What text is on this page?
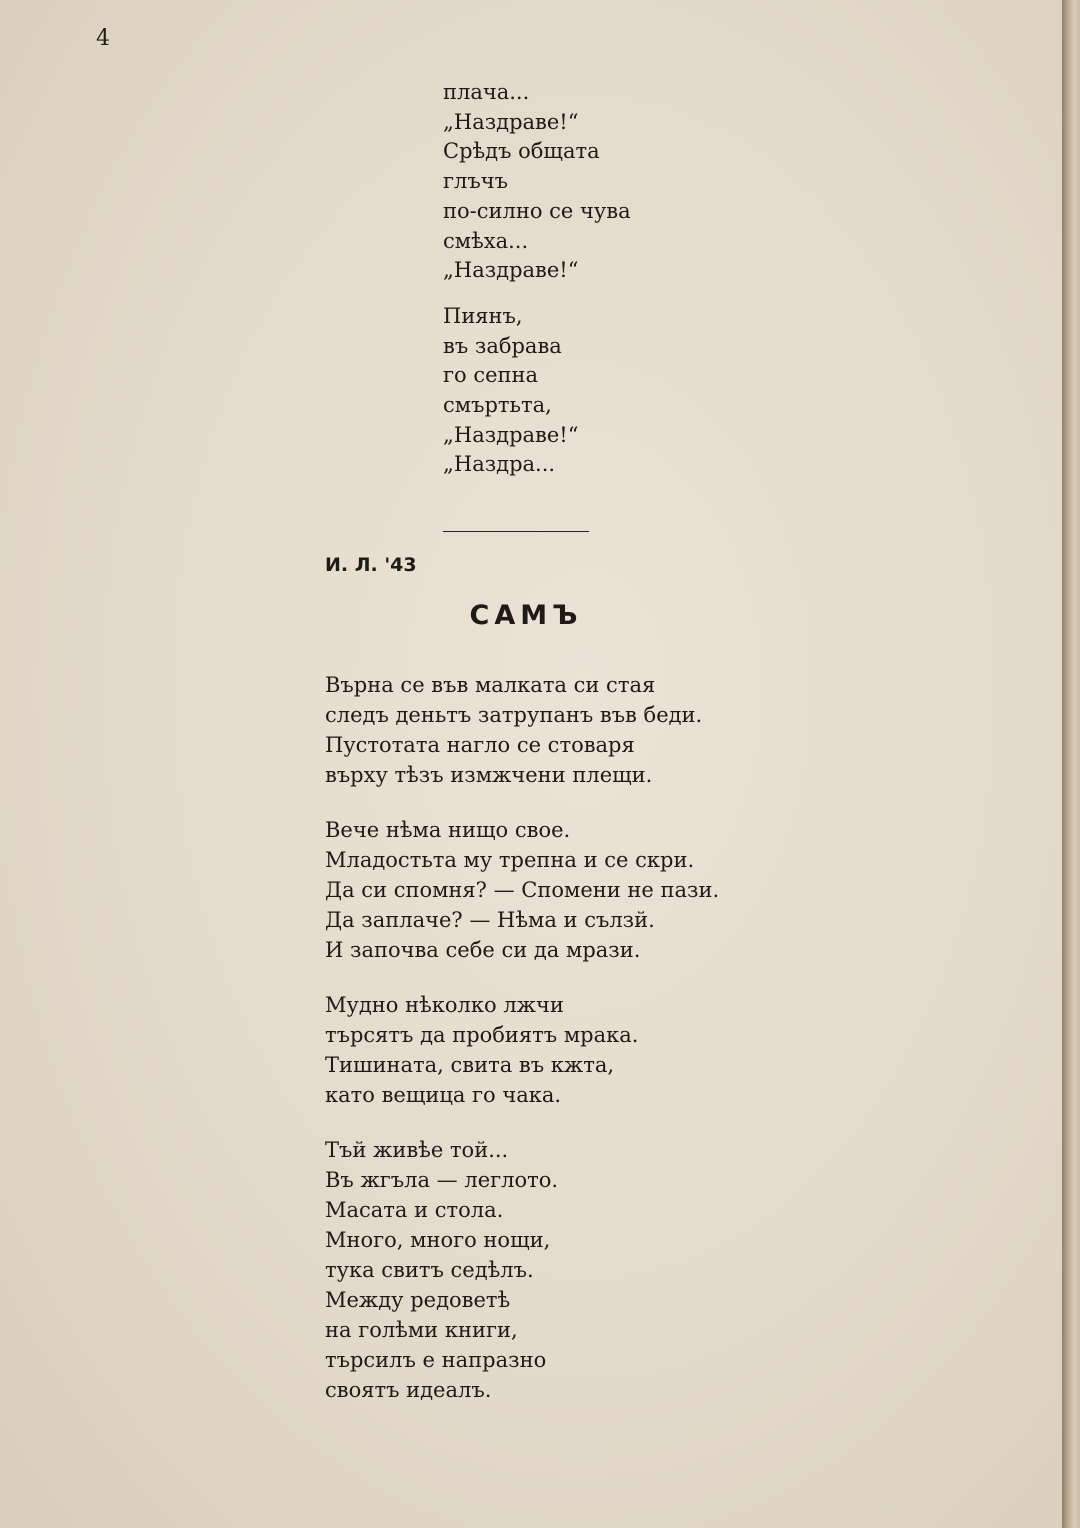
4

плача...
„Наздраве!“
Срѣдъ общата
глъчъ
по-силно се чува
смѣха...
„Наздраве!“

Пиянъ,
въ забрава
го сепна
смъртьта,
„Наздраве!“
„Наздра...

И. Л. '43

САМЪ

Върна се във малката си стая
следъ деньтъ затрупанъ във беди.
Пустотата нагло се стоваря
върху тѣзъ измжчени плещи.

Вече нѣма нищо свое.
Младостьта му трепна и се скри.
Да си спомня? — Спомени не пази.
Да заплаче? — Нѣма и сълзй.
И започва себе си да мрази.

Мудно нѣколко лжчи
търсятъ да пробиятъ мрака.
Тишината, свита въ кжта,
като вещица го чака.

Тъй живѣе той...
Въ жгъла — леглото.
Масата и стола.
Много, много нощи,
тука свитъ седѣлъ.
Между редоветѣ
на голѣми книги,
търсилъ е напразно
своятъ идеалъ.
